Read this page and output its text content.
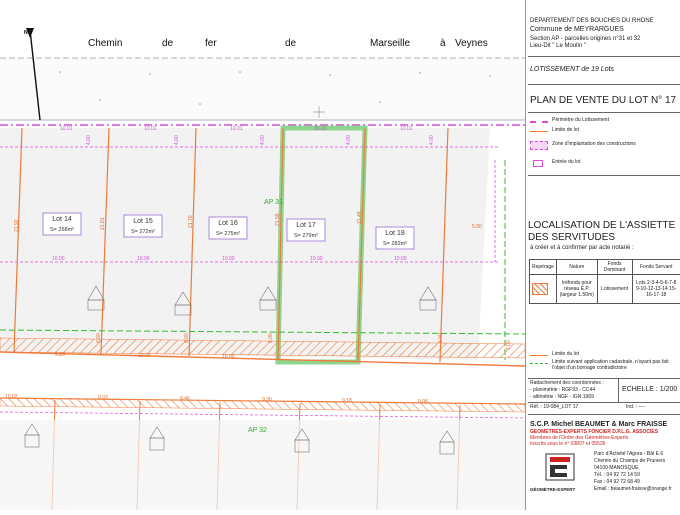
Chemin	de	fer	de	Marseille	à Veynes
N
Lot 14
S= 268m²
Lot 15
S= 272m²
Lot 16
S= 275m²
Lot 17
S= 279m²	Lot 18
S= 282m²
AP 31
AP 32
10.01	10.01	10.01	10.01	10.01
4.00	4.00	4.00	4.00	4.00
10.00	10.00	10.00	10.00	10.00
21.92	21.81	21.70	21.59	21.48
6.00	6.00	6.00	6.00
5.00
7.00
10.02	9.93	9.46	9.30	9.18	9.08
9.86	10.00	10.00
DEPARTEMENT DES BOUCHES DU RHONE
Commune de MEYRARGUES
Section AP - parcelles origines n°31 et 32
Lieu-Dit " Le Moulin "
LOTISSEMENT de 19 Lots
PLAN DE VENTE DU LOT N° 17
Périmètre du Lotissement
Limite de lot
Zone d'implantation des constructions
Entrée du lot
LOCALISATION DE L'ASSIETTE
DES SERVITUDES
à créer et à confirmer par acte notarié :
Repérage	Nature	Fonds Dominant	Fonds Servant

	tréfonds pour réseau E.P. (largeur 1.50m)	Lotissement	Lots 2-3-4-5-6-7-8 9-10-12-13-14 15-16-17-18
Limite du lot
Limite suivant application cadastrale, n'ayant pas fait l'objet d'un bornage contradictoire
Rattachement des coordonnées :
- planimétrie : RGF93 - CC44
- altimétrie : NGF - IGN 1969
ECHELLE : 1/200
Réf. : 19-084_LOT 17	Ind. : ----
S.C.P. Michel BEAUMET & Marc FRAISSE
GEOMETRES-EXPERTS FONCIER D.P.L.G. ASSOCIES
Membres de l'Ordre des Géomètres-Experts
Inscrits sous le n° 03807 et 05536
GÉOMÈTRE-EXPERT
Parc d'Activité l'Agora - Bât E.6
Chemin du Champs de Pruniers
04100 MANOSQUE
Tél. : 04 92 72 14 59
Fax : 04 92 72 68 49
Email : beaumet-fraisse@orange.fr
